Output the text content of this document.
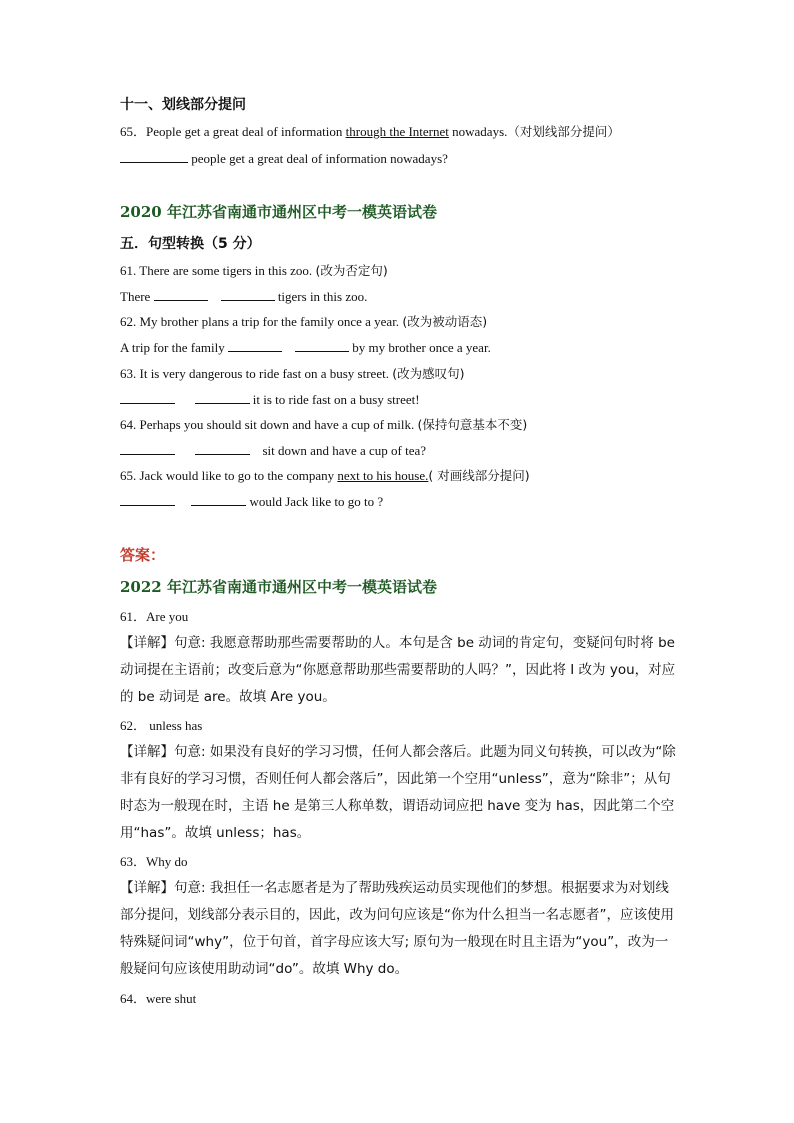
十一、划线部分提问
65．People get a great deal of information through the Internet nowadays.（对划线部分提问）
people get a great deal of information nowadays?
2020 年江苏省南通市通州区中考一模英语试卷
五．句型转换（5 分）
61. There are some tigers in this zoo. (改为否定句)
There	tigers in this zoo.
62. My brother plans a trip for the family once a year. (改为被动语态)
A trip for the family	by my brother once a year.
63. It is very dangerous to ride fast on a busy street. (改为感叹句)
it is to ride fast on a busy street!
64. Perhaps you should sit down and have a cup of milk. (保持句意基本不变)
sit down and have a cup of tea?
65. Jack would like to go to the company next to his house.( 对画线部分提问)
would Jack like to go to ?
答案：
2022 年江苏省南通市通州区中考一模英语试卷
61．Are you
【详解】句意: 我愿意帮助那些需要帮助的人。本句是含 be 动词的肯定句，变疑问句时将 be 动词提在主语前；改变后意为“你愿意帮助那些需要帮助的人吗？”，因此将 I 改为 you，对应的 be 动词是 are。故填 Are you。
62． unless has
【详解】句意: 如果没有良好的学习习惯，任何人都会落后。此题为同义句转换，可以改为“除非有良好的学习习惯，否则任何人都会落后”，因此第一个空用“unless”，意为“除非”；从句时态为一般现在时，主语 he 是第三人称单数，谓语动词应把 have 变为 has，因此第二个空用“has”。故填 unless；has。
63．Why do
【详解】句意: 我担任一名志愿者是为了帮助残疾运动员实现他们的梦想。根据要求为对划线部分提问，划线部分表示目的，因此，改为问句应该是“你为什么担当一名志愿者”，应该使用特殊疑问词“why”，位于句首，首字母应该大写; 原句为一般现在时且主语为“you”，改为一般疑问句应该使用助动词“do”。故填 Why do。
64．were shut
